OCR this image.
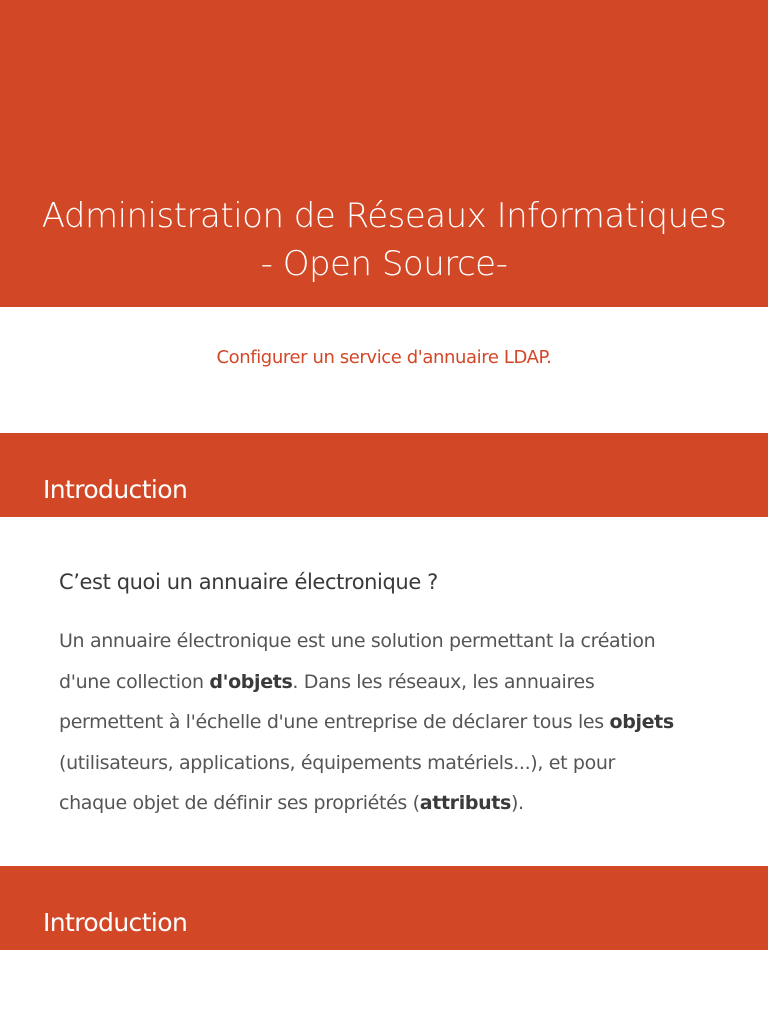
Administration de Réseaux Informatiques
- Open Source-
Configurer un service d'annuaire LDAP.
Introduction
C’est quoi un annuaire électronique ?
Un annuaire électronique est une solution permettant la création
d'une collection d'objets. Dans les réseaux, les annuaires
permettent à l'échelle d'une entreprise de déclarer tous les objets
(utilisateurs, applications, équipements matériels...), et pour
chaque objet de définir ses propriétés (attributs).
Introduction
